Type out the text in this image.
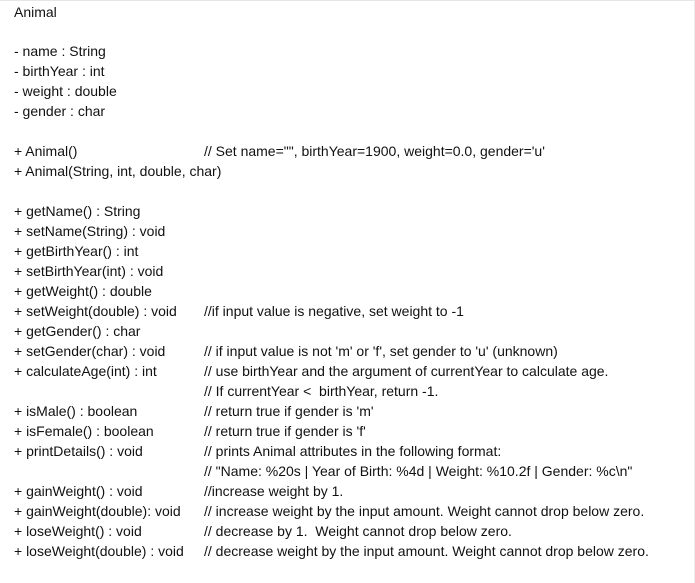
Animal
- name : String
- birthYear : int
- weight : double
- gender : char
+ Animal()	// Set name="", birthYear=1900, weight=0.0, gender='u'
+ Animal(String, int, double, char)
+ getName() : String
+ setName(String) : void
+ getBirthYear() : int
+ setBirthYear(int) : void
+ getWeight() : double
+ setWeight(double) : void //if input value is negative, set weight to -1
+ getGender() : char
+ setGender(char) : void	// if input value is not 'm' or 'f', set gender to 'u' (unknown)
+ calculateAge(int) : int	// use birthYear and the argument of currentYear to calculate age.
// If currentYear <  birthYear, return -1.
+ isMale() : boolean	// return true if gender is 'm'
+ isFemale() : boolean	// return true if gender is 'f'
+ printDetails() : void	// prints Animal attributes in the following format:
// "Name: %20s | Year of Birth: %4d | Weight: %10.2f | Gender: %c\n"
+ gainWeight() : void	//increase weight by 1.
+ gainWeight(double): void // increase weight by the input amount. Weight cannot drop below zero.
+ loseWeight() : void	// decrease by 1.  Weight cannot drop below zero.
+ loseWeight(double) : void // decrease weight by the input amount. Weight cannot drop below zero.
